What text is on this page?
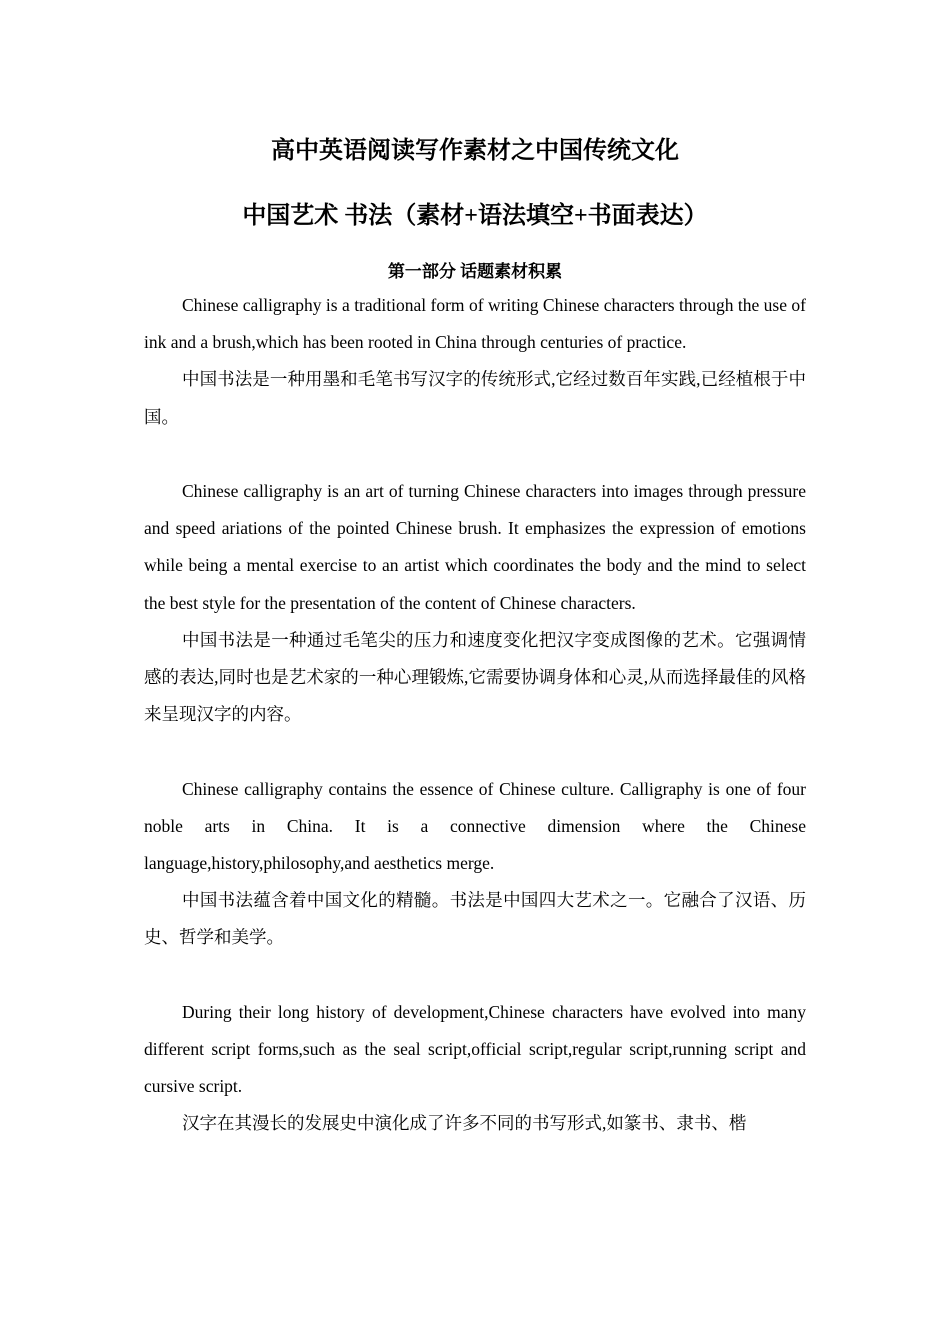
高中英语阅读写作素材之中国传统文化
中国艺术 书法（素材+语法填空+书面表达）
第一部分 话题素材积累

Chinese calligraphy is a traditional form of writing Chinese characters through the use of ink and a brush,which has been rooted in China through centuries of practice.

中国书法是一种用墨和毛笔书写汉字的传统形式,它经过数百年实践,已经植根于中国。

Chinese calligraphy is an art of turning Chinese characters into images through pressure and speed ariations of the pointed Chinese brush. It emphasizes the expression of emotions while being a mental exercise to an artist which coordinates the body and the mind to select the best style for the presentation of the content of Chinese characters.

中国书法是一种通过毛笔尖的压力和速度变化把汉字变成图像的艺术。它强调情感的表达,同时也是艺术家的一种心理锻炼,它需要协调身体和心灵,从而选择最佳的风格来呈现汉字的内容。

Chinese calligraphy contains the essence of Chinese culture. Calligraphy is one of four noble arts in China. It is a connective dimension where the Chinese language,history,philosophy,and aesthetics merge.

中国书法蕴含着中国文化的精髓。书法是中国四大艺术之一。它融合了汉语、历史、哲学和美学。

During their long history of development,Chinese characters have evolved into many different script forms,such as the seal script,official script,regular script,running script and cursive script.

汉字在其漫长的发展史中演化成了许多不同的书写形式,如篆书、隶书、楷
